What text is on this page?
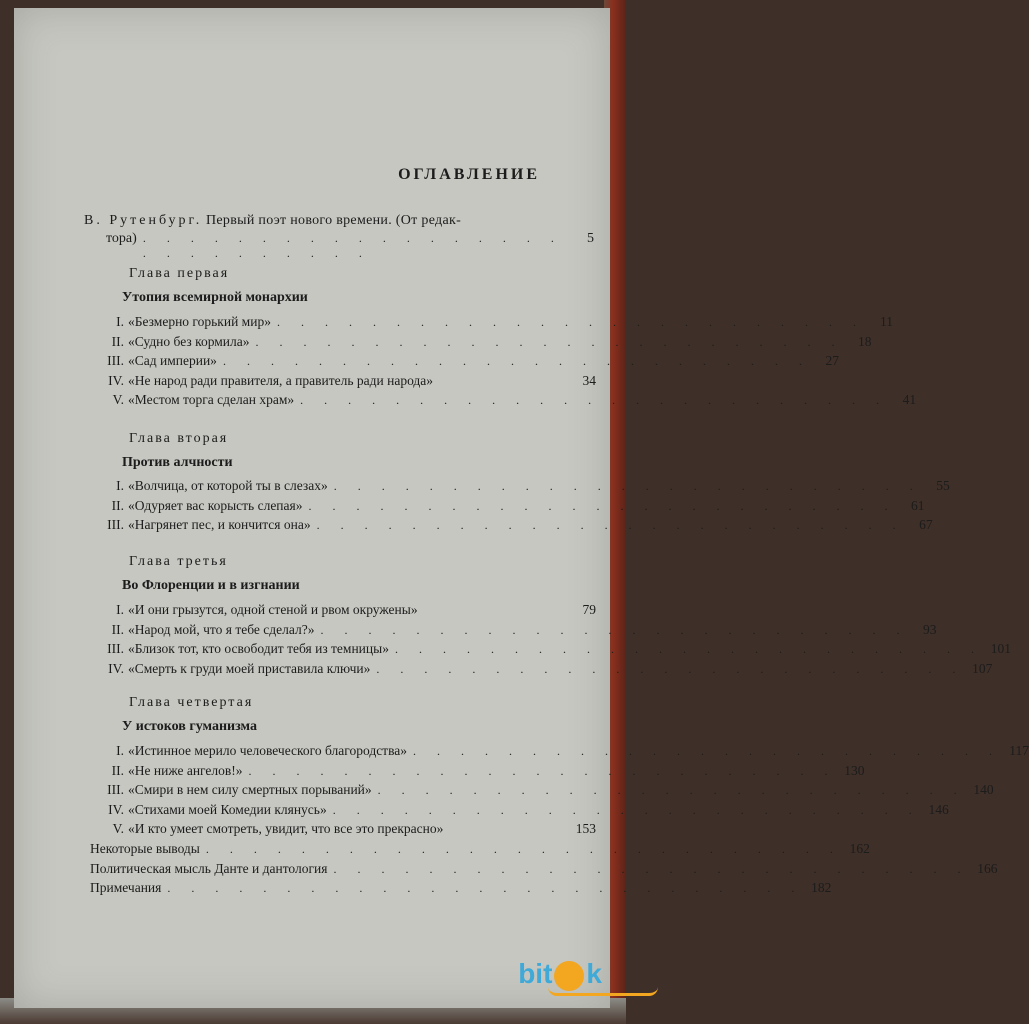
ОГЛАВЛЕНИЕ
В. Рутенбург. Первый поэт нового времени. (От редак-
тора) . . . . . . . . . . . . . . . . . . . . . . . . . . . .
5
Глава первая
Утопия всемирной монархии
I. «Безмерно горький мир» . . . . . . . . . . . . . . . . . . . . . . . . .	11
II. «Судно без кормила» . . . . . . . . . . . . . . . . . . . . . . . . .	18
III. «Сад империи» . . . . . . . . . . . . . . . . . . . . . . . . .	27
IV. «Не народ ради правителя, а правитель ради народа»	34
V. «Местом торга сделан храм» . . . . . . . . . . . . . . . . . . . . . . . . .	41
Глава вторая
Против алчности
I. «Волчица, от которой ты в слезах» . . . . . . . . . . . . . . . . . . . . . . . . .	55
II. «Одуряет вас корысть слепая» . . . . . . . . . . . . . . . . . . . . . . . . .	61
III. «Нагрянет пес, и кончится она» . . . . . . . . . . . . . . . . . . . . . . . . .	67
Глава третья
Во Флоренции и в изгнании
I. «И они грызутся, одной стеной и рвом окружены»	79
II. «Народ мой, что я тебе сделал?» . . . . . . . . . . . . . . . . . . . . . . . . .	93
III. «Близок тот, кто освободит тебя из темницы» . . . . . . . . . . . . . . . . . . . . . . . . . 101
IV. «Смерть к груди моей приставила ключи» . . . . . . . . . . . . . . . . . . . . . . . . . 107
Глава четвертая
У истоков гуманизма
I. «Истинное мерило человеческого благородства» . . . . . . . . . . . . . . . . . . . . . . . . . 117
II. «Не ниже ангелов!» . . . . . . . . . . . . . . . . . . . . . . . . . 130
III. «Смири в нем силу смертных порываний» . . . . . . . . . . . . . . . . . . . . . . . . . 140
IV. «Стихами моей Комедии клянусь» . . . . . . . . . . . . . . . . . . . . . . . . . 146
V. «И кто умеет смотреть, увидит, что все это прекрасно»	153
Некоторые выводы . . . . . . . . . . . . . . . . . . . . . . . . . . . 162
Политическая мысль Данте и дантология . . . . . . . . . . . . . . . . . . . . . . . . . . . 166
Примечания . . . . . . . . . . . . . . . . . . . . . . . . . . . 182
bit k
